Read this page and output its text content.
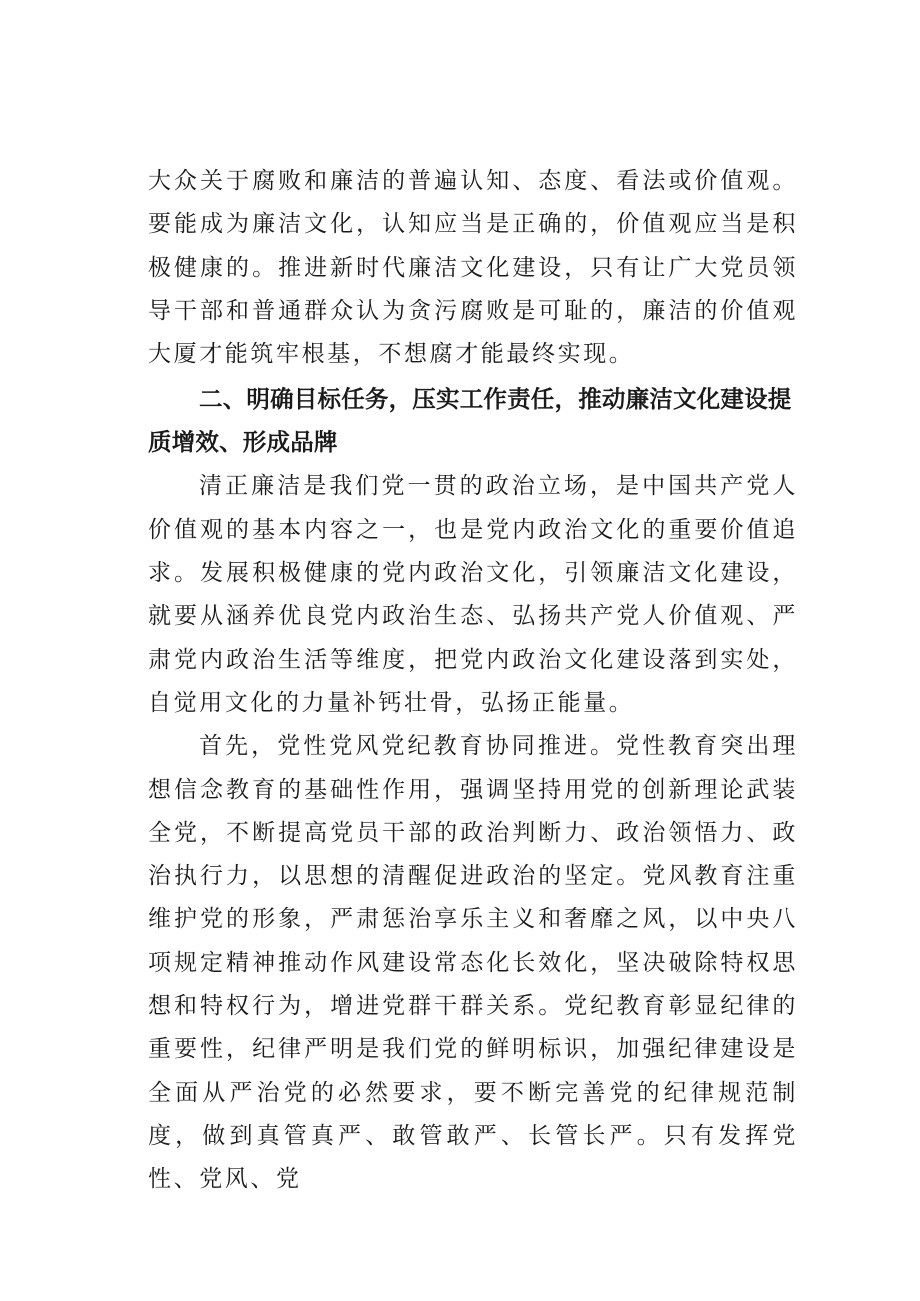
大众关于腐败和廉洁的普遍认知、态度、看法或价值观。要能成为廉洁文化，认知应当是正确的，价值观应当是积极健康的。推进新时代廉洁文化建设，只有让广大党员领导干部和普通群众认为贪污腐败是可耻的，廉洁的价值观大厦才能筑牢根基，不想腐才能最终实现。

二、明确目标任务，压实工作责任，推动廉洁文化建设提质增效、形成品牌

清正廉洁是我们党一贯的政治立场，是中国共产党人价值观的基本内容之一，也是党内政治文化的重要价值追求。发展积极健康的党内政治文化，引领廉洁文化建设，就要从涵养优良党内政治生态、弘扬共产党人价值观、严肃党内政治生活等维度，把党内政治文化建设落到实处，自觉用文化的力量补钙壮骨，弘扬正能量。

首先，党性党风党纪教育协同推进。党性教育突出理想信念教育的基础性作用，强调坚持用党的创新理论武装全党，不断提高党员干部的政治判断力、政治领悟力、政治执行力，以思想的清醒促进政治的坚定。党风教育注重维护党的形象，严肃惩治享乐主义和奢靡之风，以中央八项规定精神推动作风建设常态化长效化，坚决破除特权思想和特权行为，增进党群干群关系。党纪教育彰显纪律的重要性，纪律严明是我们党的鲜明标识，加强纪律建设是全面从严治党的必然要求，要不断完善党的纪律规范制度，做到真管真严、敢管敢严、长管长严。只有发挥党性、党风、党
